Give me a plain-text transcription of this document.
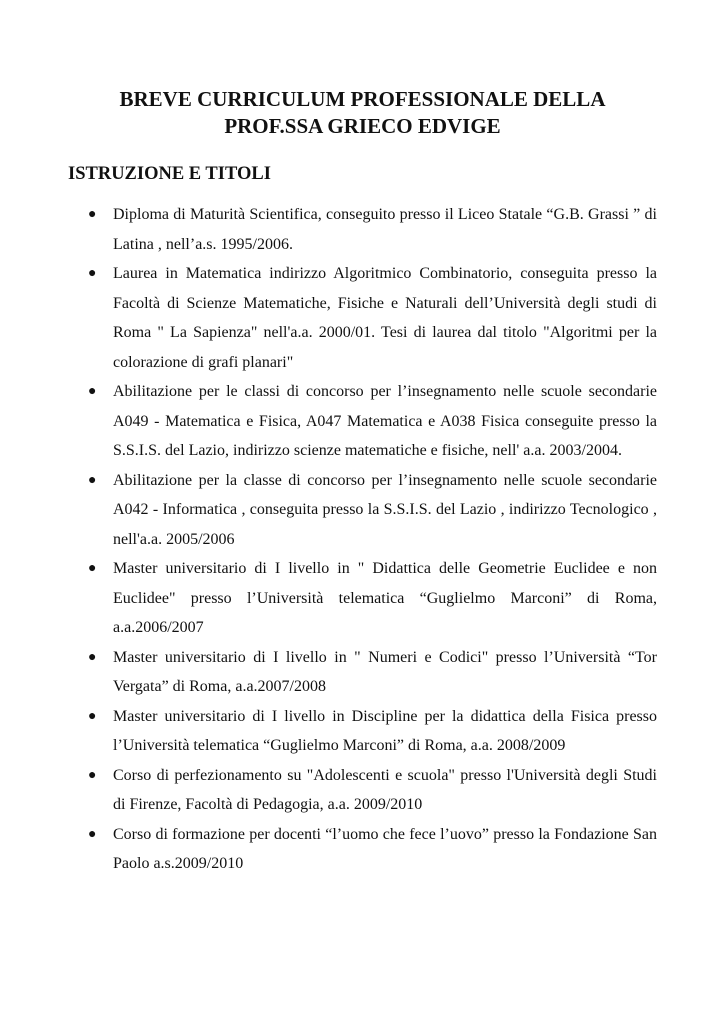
BREVE CURRICULUM PROFESSIONALE DELLA
PROF.SSA GRIECO EDVIGE
ISTRUZIONE E TITOLI
● Diploma di Maturità Scientifica, conseguito presso il Liceo Statale “G.B. Grassi ” di Latina , nell’a.s. 1995/2006.
● Laurea in Matematica indirizzo Algoritmico Combinatorio, conseguita presso la Facoltà di Scienze Matematiche, Fisiche e Naturali dell’Università degli studi di Roma " La Sapienza" nell'a.a. 2000/01. Tesi di laurea dal titolo "Algoritmi per la colorazione di grafi planari"
● Abilitazione per le classi di concorso per l’insegnamento nelle scuole secondarie A049 - Matematica e Fisica, A047 Matematica e A038 Fisica conseguite presso la S.S.I.S. del Lazio, indirizzo scienze matematiche e fisiche, nell' a.a. 2003/2004.
● Abilitazione per la classe di concorso per l’insegnamento nelle scuole secondarie A042 - Informatica , conseguita presso la S.S.I.S. del Lazio , indirizzo Tecnologico , nell'a.a. 2005/2006
● Master universitario di I livello in " Didattica delle Geometrie Euclidee e non Euclidee" presso l’Università telematica “Guglielmo Marconi” di Roma, a.a.2006/2007
● Master universitario di I livello in " Numeri e Codici" presso l’Università “Tor Vergata” di Roma, a.a.2007/2008
● Master universitario di I livello in Discipline per la didattica della Fisica presso l’Università telematica “Guglielmo Marconi” di Roma, a.a. 2008/2009
● Corso di perfezionamento su "Adolescenti e scuola" presso l'Università degli Studi di Firenze, Facoltà di Pedagogia, a.a. 2009/2010
● Corso di formazione per docenti “l’uomo che fece l’uovo” presso la Fondazione San Paolo a.s.2009/2010
